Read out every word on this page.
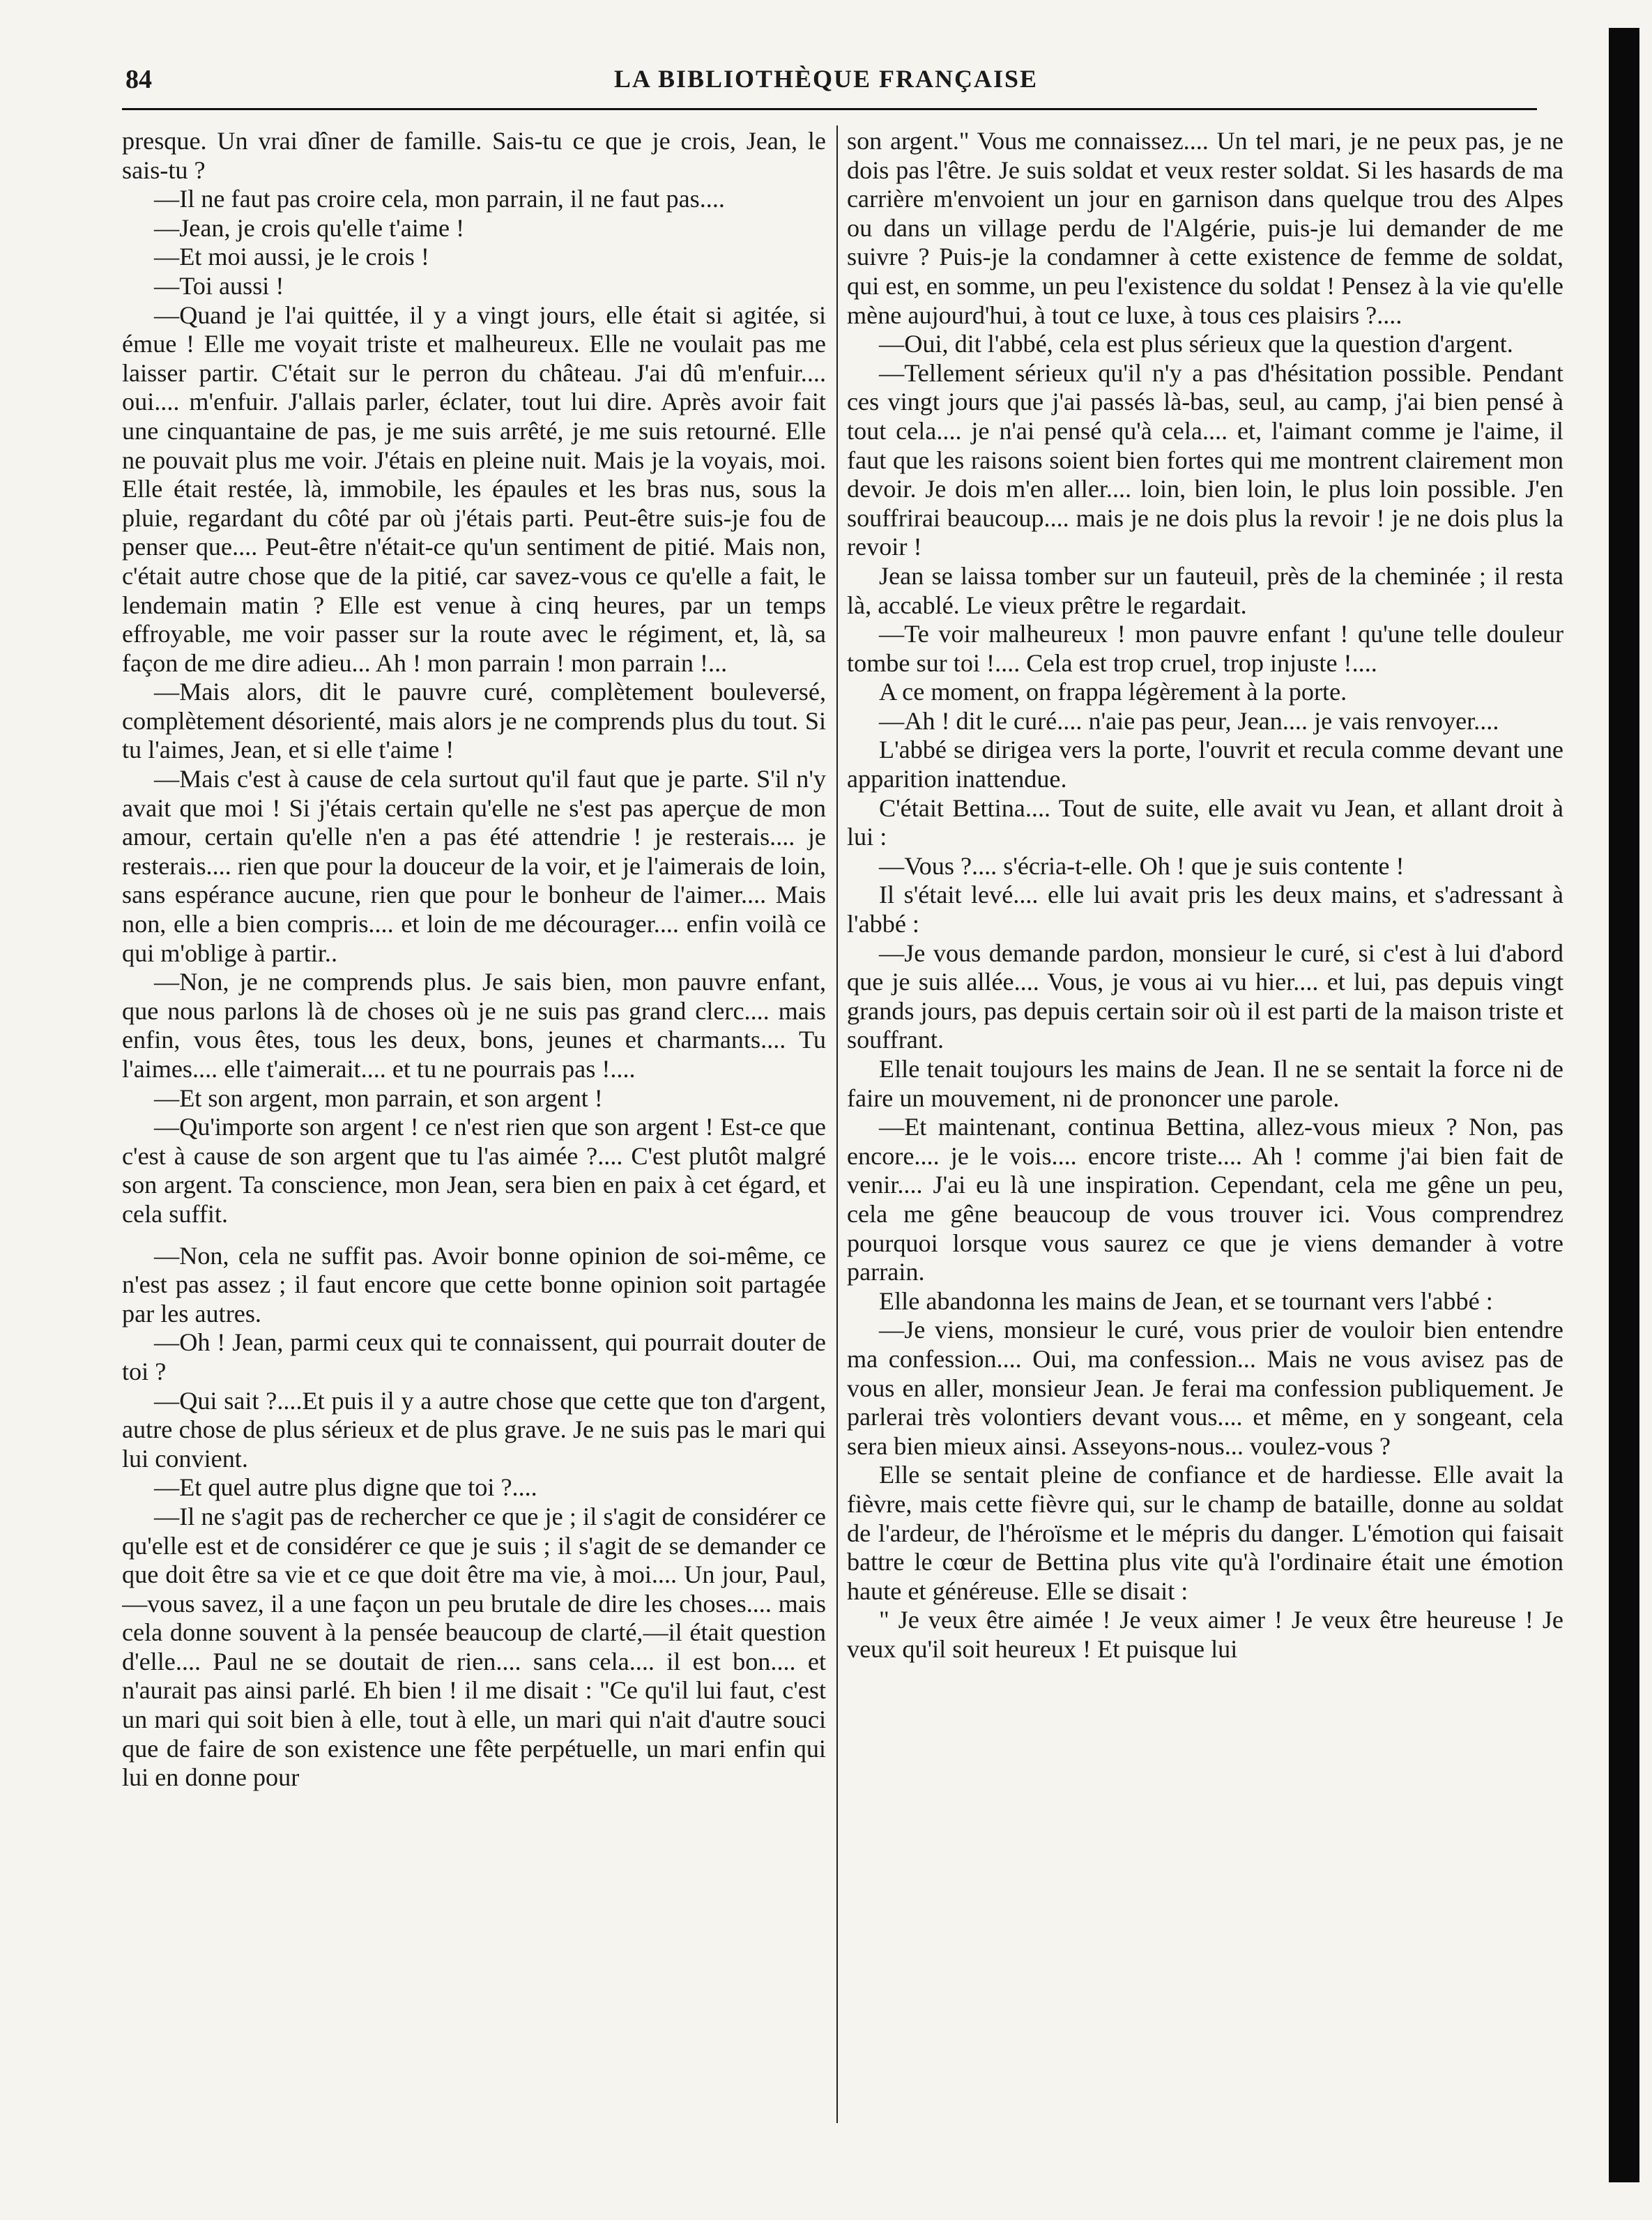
84	LA BIBLIOTHÈQUE FRANÇAISE

presque. Un vrai dîner de famille. Sais-tu ce que je crois, Jean, le sais-tu ?

—Il ne faut pas croire cela, mon parrain, il ne faut pas....

—Jean, je crois qu'elle t'aime !

—Et moi aussi, je le crois !

—Toi aussi !

—Quand je l'ai quittée, il y a vingt jours, elle était si agitée, si émue ! Elle me voyait triste et malheureux. Elle ne voulait pas me laisser partir. C'était sur le perron du château. J'ai dû m'enfuir.... oui.... m'enfuir. J'allais parler, éclater, tout lui dire. Après avoir fait une cinquantaine de pas, je me suis arrêté, je me suis retourné. Elle ne pouvait plus me voir. J'étais en pleine nuit. Mais je la voyais, moi. Elle était restée, là, immobile, les épaules et les bras nus, sous la pluie, regardant du côté par où j'étais parti. Peut-être suis-je fou de penser que.... Peut-être n'était-ce qu'un sentiment de pitié. Mais non, c'était autre chose que de la pitié, car savez-vous ce qu'elle a fait, le lendemain matin ? Elle est venue à cinq heures, par un temps effroyable, me voir passer sur la route avec le régiment, et, là, sa façon de me dire adieu... Ah ! mon parrain ! mon parrain !...

—Mais alors, dit le pauvre curé, complètement bouleversé, complètement désorienté, mais alors je ne comprends plus du tout. Si tu l'aimes, Jean, et si elle t'aime !

—Mais c'est à cause de cela surtout qu'il faut que je parte. S'il n'y avait que moi ! Si j'étais certain qu'elle ne s'est pas aperçue de mon amour, certain qu'elle n'en a pas été attendrie ! je resterais.... je resterais.... rien que pour la douceur de la voir, et je l'aimerais de loin, sans espérance aucune, rien que pour le bonheur de l'aimer.... Mais non, elle a bien compris.... et loin de me décourager.... enfin voilà ce qui m'oblige à partir..

—Non, je ne comprends plus. Je sais bien, mon pauvre enfant, que nous parlons là de choses où je ne suis pas grand clerc.... mais enfin, vous êtes, tous les deux, bons, jeunes et charmants.... Tu l'aimes.... elle t'aimerait.... et tu ne pourrais pas !....

—Et son argent, mon parrain, et son argent !

—Qu'importe son argent ! ce n'est rien que son argent ! Est-ce que c'est à cause de son argent que tu l'as aimée ?.... C'est plutôt malgré son argent. Ta conscience, mon Jean, sera bien en paix à cet égard, et cela suffit.

—Non, cela ne suffit pas. Avoir bonne opinion de soi-même, ce n'est pas assez ; il faut encore que cette bonne opinion soit partagée par les autres.

—Oh ! Jean, parmi ceux qui te connaissent, qui pourrait douter de toi ?

—Qui sait ?....Et puis il y a autre chose que cette que ton d'argent, autre chose de plus sérieux et de plus grave. Je ne suis pas le mari qui lui convient.

—Et quel autre plus digne que toi ?....

—Il ne s'agit pas de rechercher ce que je ; il s'agit de considérer ce qu'elle est et de considérer ce que je suis ; il s'agit de se demander ce que doit être sa vie et ce que doit être ma vie, à moi.... Un jour, Paul, —vous savez, il a une façon un peu brutale de dire les choses.... mais cela donne souvent à la pensée beaucoup de clarté,—il était question d'elle.... Paul ne se doutait de rien.... sans cela.... il est bon.... et n'aurait pas ainsi parlé. Eh bien ! il me disait : "Ce qu'il lui faut, c'est un mari qui soit bien à elle, tout à elle, un mari qui n'ait d'autre souci que de faire de son existence une fête perpétuelle, un mari enfin qui lui en donne pour

son argent." Vous me connaissez.... Un tel mari, je ne peux pas, je ne dois pas l'être. Je suis soldat et veux rester soldat. Si les hasards de ma carrière m'envoient un jour en garnison dans quelque trou des Alpes ou dans un village perdu de l'Algérie, puis-je lui demander de me suivre ? Puis-je la condamner à cette existence de femme de soldat, qui est, en somme, un peu l'existence du soldat ! Pensez à la vie qu'elle mène aujourd'hui, à tout ce luxe, à tous ces plaisirs ?....

—Oui, dit l'abbé, cela est plus sérieux que la question d'argent.

—Tellement sérieux qu'il n'y a pas d'hésitation possible. Pendant ces vingt jours que j'ai passés là-bas, seul, au camp, j'ai bien pensé à tout cela.... je n'ai pensé qu'à cela.... et, l'aimant comme je l'aime, il faut que les raisons soient bien fortes qui me montrent clairement mon devoir. Je dois m'en aller.... loin, bien loin, le plus loin possible. J'en souffrirai beaucoup.... mais je ne dois plus la revoir ! je ne dois plus la revoir !

Jean se laissa tomber sur un fauteuil, près de la cheminée ; il resta là, accablé. Le vieux prêtre le regardait.

—Te voir malheureux ! mon pauvre enfant ! qu'une telle douleur tombe sur toi !.... Cela est trop cruel, trop injuste !....

A ce moment, on frappa légèrement à la porte.

—Ah ! dit le curé.... n'aie pas peur, Jean.... je vais renvoyer....

L'abbé se dirigea vers la porte, l'ouvrit et recula comme devant une apparition inattendue.

C'était Bettina.... Tout de suite, elle avait vu Jean, et allant droit à lui :

—Vous ?.... s'écria-t-elle. Oh ! que je suis contente !

Il s'était levé.... elle lui avait pris les deux mains, et s'adressant à l'abbé :

—Je vous demande pardon, monsieur le curé, si c'est à lui d'abord que je suis allée.... Vous, je vous ai vu hier.... et lui, pas depuis vingt grands jours, pas depuis certain soir où il est parti de la maison triste et souffrant.

Elle tenait toujours les mains de Jean. Il ne se sentait la force ni de faire un mouvement, ni de prononcer une parole.

—Et maintenant, continua Bettina, allez-vous mieux ? Non, pas encore.... je le vois.... encore triste.... Ah ! comme j'ai bien fait de venir.... J'ai eu là une inspiration. Cependant, cela me gêne un peu, cela me gêne beaucoup de vous trouver ici. Vous comprendrez pourquoi lorsque vous saurez ce que je viens demander à votre parrain.

Elle abandonna les mains de Jean, et se tournant vers l'abbé :

—Je viens, monsieur le curé, vous prier de vouloir bien entendre ma confession.... Oui, ma confession... Mais ne vous avisez pas de vous en aller, monsieur Jean. Je ferai ma confession publiquement. Je parlerai très volontiers devant vous.... et même, en y songeant, cela sera bien mieux ainsi. Asseyons-nous... voulez-vous ?

Elle se sentait pleine de confiance et de hardiesse. Elle avait la fièvre, mais cette fièvre qui, sur le champ de bataille, donne au soldat de l'ardeur, de l'héroïsme et le mépris du danger. L'émotion qui faisait battre le cœur de Bettina plus vite qu'à l'ordinaire était une émotion haute et généreuse. Elle se disait :

" Je veux être aimée ! Je veux aimer ! Je veux être heureuse ! Je veux qu'il soit heureux ! Et puisque lui
